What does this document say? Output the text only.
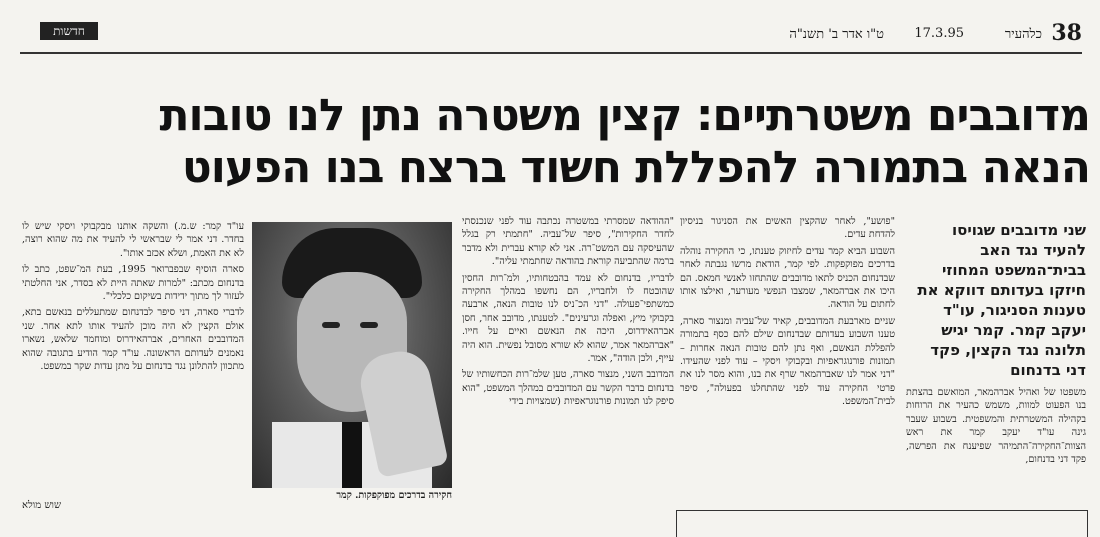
38
כלהעיר
17.3.95
ט"ו אדר ב' תשנ"ה
חדשות
מדובבים משטרתיים: קצין משטרה נתן לנו טובות
הנאה בתמורה להפללת חשוד ברצח בנו הפעוט
שני מדובבים שגויסו להעיד נגד האב בבית־המשפט המחוזי חיזקו בעדותם דווקא את טענות הסניגור, עו"ד יעקב קמר. קמר יגיש תלונה נגד הקצין, פקד דני בדנחום

משפטו של ואהיל אברהמאר, המואשם בהצתת בנו הפעוט למוות, משמש כהעיר את הרוחות בקהילה המשטרתית והמשפטית. בשבוע שעבר גינה עו"ד יעקב קמר את ראש הצוות־החקירה־התמיהר שפיענח את הפרשה, פקד דני בדנחום,

"פושע", לאחר שהקצין האשים את הסניגור בניסיון להדחת עדים.

השבוע הביא קמר עדים לחיזוק טענתו, כי החקירה נוהלה בדרכים מפוקפקות. לפי קמר, הודאת מרשו נגבתה לאחר שבדנחום הכניס לתאו מדובבים שהתחזו לאנשי חמאס. הם היכו את אברהמאר, שמצבו הנפשי מעורער, ואילצו אותו לחתום על הודאה.

שניים מארבעת המדובבים, קאיד של־עביה ומנצור סארה, טענו השבוע בעדותם שבדנחום שילם להם כסף בתמורה להפללת הנאשם, ואף נתן להם טובות הנאה אחרות – תמונות פורנוגראפיות ובקבוקי ויסקי – עוד לפני שהעידו. "דני אמר לנו שאברהמאר שרף את בנו, והוא מסר לנו את פרטי החקירה עוד לפני שהתחלנו בפעולה", סיפר לבית־המשפט.

"ההודאה שמסרתי במשטרה נכתבה עוד לפני שנכנסתי לחדר החקירות", סיפר של־עביה. "חתמתי רק בגלל שהעיסקה עם המשט־רה. אני לא קורא עברית ולא מדבר ברמה שהתביעה קוראת בהודאה שחתמתי עליה".

לדבריו, בדנחום לא עמד בהבטחותיו, ולמ־רות החסין שהובטח לו ולחבריו, הם נחשפו במהלך החקירה כמשתפי־פעולה. "דני הכ־ניס לנו טובות הנאה, ארבעה בקבוקי מיץ, ואפלה וגרעינים". לטענתו, מדובב אחר, חסן אברהאידרוס, היכה את הנאשם ואיים על חייו. "אברהמאר אמר, שהוא לא שורא מסובל נפשית. הוא היה עייף, ולכן הודה", אמר.

המדובב השני, מנצור סארה, טען שלמ־רות הכחשותיו של בדנחום בדבר הקשר עם המדובבים במהלך המשפט, "הוא סיפק לנו תמונות פורנוגראפיות (שמצויות בידי

חקירה בדרכים מפוקפקות. קמר

עו"ד קמר: ש.מ.) והשקה אותנו מבקבוקי ויסקי שיש לו בחדר. דני אמר לי שבראשי לי להעיד את מה שהוא רוצה, לא את האמת, ושלא אכזב אותו".

סארה הוסיף שבפברואר 1995, בעת המ־שפט, כתב לו בדנחום מכתב: "למרות שאתה היית לא בסדר, אני החלטתי לעזור לך מתוך ידידות בשיקום כלכלי".

לדברי סארה, דני סיפר לבדנחום שמתעללים בנאשם בתא, אולם הקצין לא היה מוכן להעיד אותו לתא אחר. שני המדובבים האחרים, אברהאידרוס ומוחמד שלאש, נשארו נאמנים לעדותם הראשונה. עו"ד קמר הודיע בתגובה שהוא מתכוון להתלונן נגד בדנחום על מתן עדות שקר במשפט.

שוש מולא
